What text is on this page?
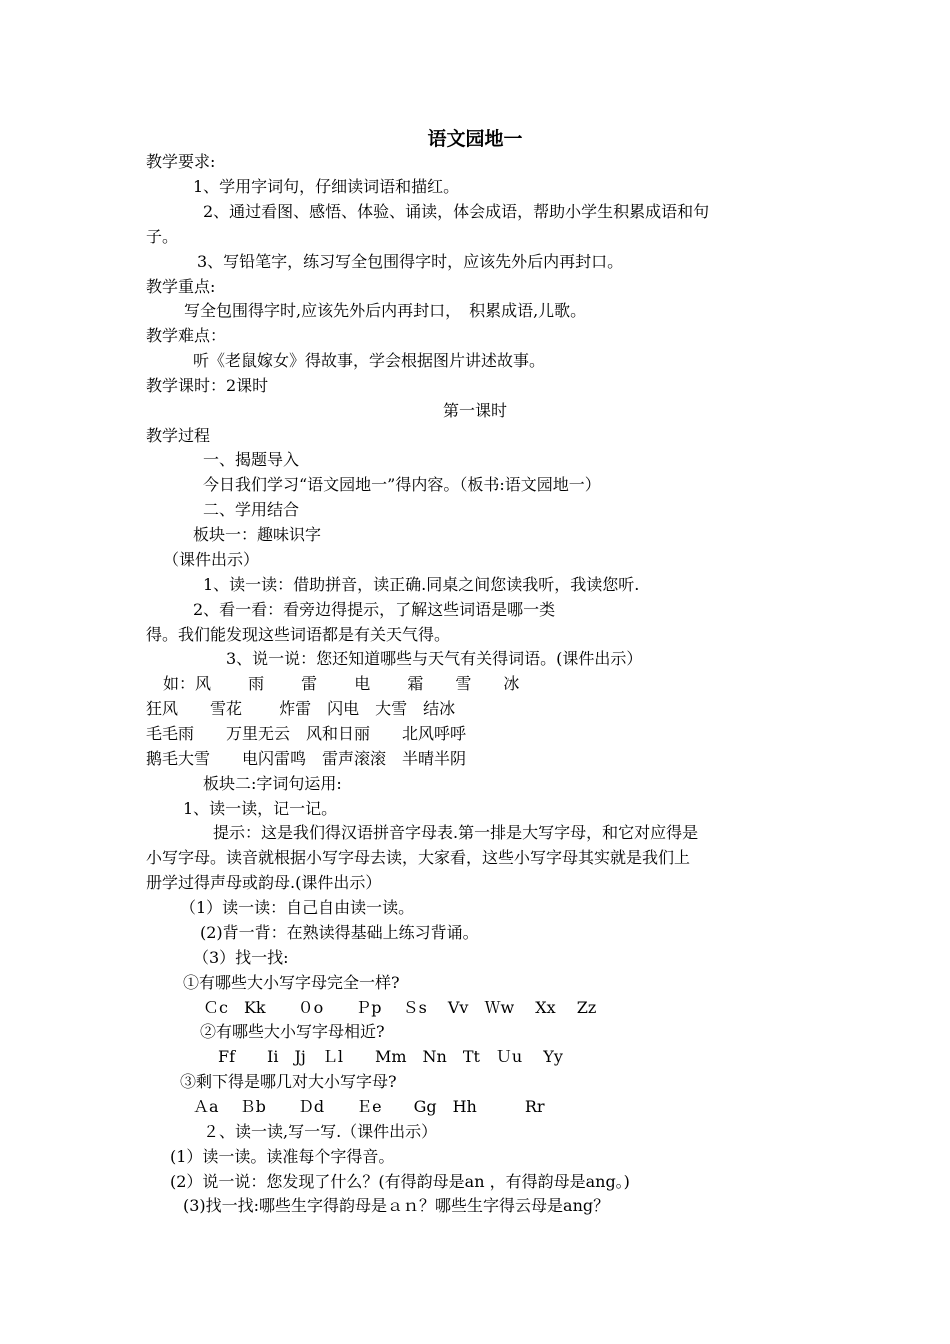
语文园地一
教学要求:
1、学用字词句，仔细读词语和描红。
2、通过看图、感悟、体验、诵读，体会成语，帮助小学生积累成语和句
子。
3、写铅笔字，练习写全包围得字时，应该先外后内再封口。
教学重点:
写全包围得字时,应该先外后内再封口，　积累成语,儿歌。
教学难点：
听《老鼠嫁女》得故事，学会根据图片讲述故事。
教学课时：2课时
第一课时
教学过程
一、揭题导入
今日我们学习“语文园地一”得内容。（板书:语文园地一）
二、学用结合
板块一：趣味识字
（课件出示）
1、读一读：借助拼音，读正确.同桌之间您读我听，我读您听.
2、看一看：看旁边得提示，了解这些词语是哪一类
得。我们能发现这些词语都是有关天气得。
3、说一说：您还知道哪些与天气有关得词语。(课件出示）
如：风　　 雨　　 雷　　 电　　 霜　　雪　　冰
狂风　　雪花　　 炸雷　闪电　大雪　结冰
毛毛雨　　万里无云　风和日丽　　北风呼呼
鹅毛大雪　　电闪雷鸣　雷声滚滚　半晴半阴
板块二:字词句运用:
1、读一读，记一记。
提示：这是我们得汉语拼音字母表.第一排是大写字母，和它对应得是
小写字母。读音就根据小写字母去读，大家看，这些小写字母其实就是我们上
册学过得声母或韵母.(课件出示）
（1）读一读：自己自由读一读。
(2)背一背：在熟读得基础上练习背诵。
（3）找一找:
①有哪些大小写字母完全一样?
Ｃc　Kk　　０o　　Ｐp　 Ｓs　 Vv　Ｗw　 Xx　 Zz
②有哪些大小写字母相近?
Ff　　Ii　Jj　Ｌl　　Mm　Nn　Tt　Ｕu　 Yy
③剩下得是哪几对大小写字母?
Ａa　 Ｂb　　Ｄd　　Ｅe　　Gg　Hh　　　Rr
２、读一读,写一写.（课件出示）
(1）读一读。读准每个字得音。
(2）说一说：您发现了什么？(有得韵母是an ，有得韵母是ang。)
(3)找一找:哪些生字得韵母是ａｎ？哪些生字得云母是ang？
